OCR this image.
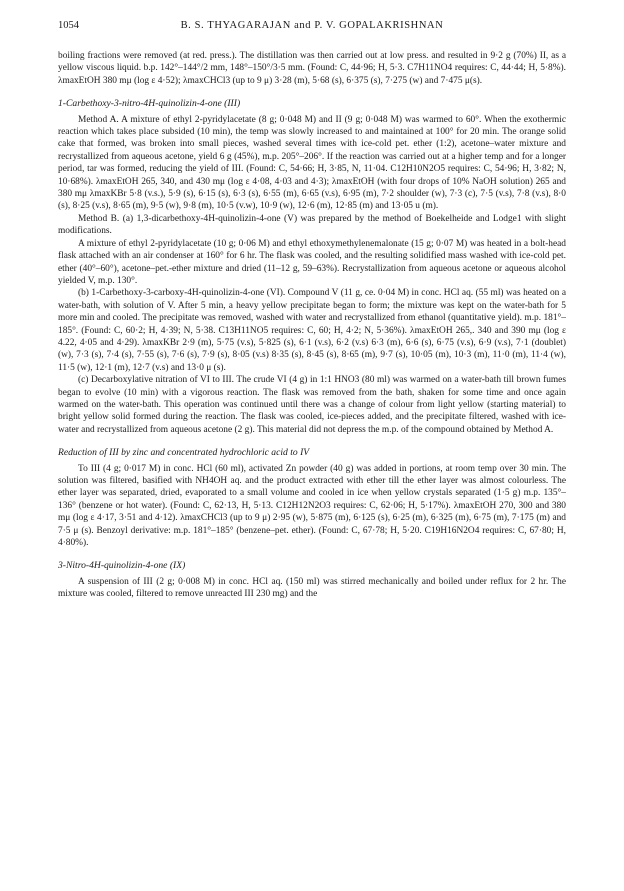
1054	B. S. THYAGARAJAN and P. V. GOPALAKRISHNAN

boiling fractions were removed (at red. press.). The distillation was then carried out at low press. and resulted in 9·2 g (70%) II, as a yellow viscous liquid. b.p. 142°–144°/2 mm, 148°–150°/3·5 mm. (Found: C, 44·96; H, 5·3. C7H11NO4 requires: C, 44·44; H, 5·8%). λmaxEtOH 380 mμ (log ε 4·52); λmaxCHCl3 (up to 9 μ) 3·28 (m), 5·68 (s), 6·375 (s), 7·275 (w) and 7·475 μ(s).

1-Carbethoxy-3-nitro-4H-quinolizin-4-one (III)

Method A. A mixture of ethyl 2-pyridylacetate (8 g; 0·048 M) and II (9 g; 0·048 M) was warmed to 60°. When the exothermic reaction which takes place subsided (10 min), the temp was slowly increased to and maintained at 100° for 20 min. The orange solid cake that formed, was broken into small pieces, washed several times with ice-cold pet. ether (1:2), acetone–water mixture and recrystallized from aqueous acetone, yield 6 g (45%), m.p. 205°–206°. If the reaction was carried out at a higher temp and for a longer period, tar was formed, reducing the yield of III. (Found: C, 54·66; H, 3·85, N, 11·04. C12H10N2O5 requires: C, 54·96; H, 3·82; N, 10·68%). λmaxEtOH 265, 340, and 430 mμ (log ε 4·08, 4·03 and 4·3); λmaxEtOH (with four drops of 10% NaOH solution) 265 and 380 mμ λmaxKBr 5·8 (v.s.), 5·9 (s), 6·15 (s), 6·3 (s), 6·55 (m), 6·65 (v.s), 6·95 (m), 7·2 shoulder (w), 7·3 (c), 7·5 (v.s), 7·8 (v.s), 8·0 (s), 8·25 (v.s), 8·65 (m), 9·5 (w), 9·8 (m), 10·5 (v.w), 10·9 (w), 12·6 (m), 12·85 (m) and 13·05 u (m).

Method B. (a) 1,3-dicarbethoxy-4H-quinolizin-4-one (V) was prepared by the method of Boekelheide and Lodge1 with slight modifications.

A mixture of ethyl 2-pyridylacetate (10 g; 0·06 M) and ethyl ethoxymethylenemalonate (15 g; 0·07 M) was heated in a bolt-head flask attached with an air condenser at 160° for 6 hr. The flask was cooled, and the resulting solidified mass washed with ice-cold pet. ether (40°–60°), acetone–pet.-ether mixture and dried (11–12 g, 59–63%). Recrystallization from aqueous acetone or aqueous alcohol yielded V, m.p. 130°.

(b) 1-Carbethoxy-3-carboxy-4H-quinolizin-4-one (VI). Compound V (11 g, ce. 0·04 M) in conc. HCl aq. (55 ml) was heated on a water-bath, with solution of V. After 5 min, a heavy yellow precipitate began to form; the mixture was kept on the water-bath for 5 more min and cooled. The precipitate was removed, washed with water and recrystallized from ethanol (quantitative yield). m.p. 181°–185°. (Found: C, 60·2; H, 4·39; N, 5·38. C13H11NO5 requires: C, 60; H, 4·2; N, 5·36%). λmaxEtOH 265,. 340 and 390 mμ (log ε 4.22, 4·05 and 4·29). λmaxKBr 2·9 (m), 5·75 (v.s), 5·825 (s), 6·1 (v.s), 6·2 (v.s) 6·3 (m), 6·6 (s), 6·75 (v.s), 6·9 (v.s), 7·1 (doublet) (w), 7·3 (s), 7·4 (s), 7·55 (s), 7·6 (s), 7·9 (s), 8·05 (v.s) 8·35 (s), 8·45 (s), 8·65 (m), 9·7 (s), 10·05 (m), 10·3 (m), 11·0 (m), 11·4 (w), 11·5 (w), 12·1 (m), 12·7 (v.s) and 13·0 μ (s).

(c) Decarboxylative nitration of VI to III. The crude VI (4 g) in 1:1 HNO3 (80 ml) was warmed on a water-bath till brown fumes began to evolve (10 min) with a vigorous reaction. The flask was removed from the bath, shaken for some time and once again warmed on the water-bath. This operation was continued until there was a change of colour from light yellow (starting material) to bright yellow solid formed during the reaction. The flask was cooled, ice-pieces added, and the precipitate filtered, washed with ice-water and recrystallized from aqueous acetone (2 g). This material did not depress the m.p. of the compound obtained by Method A.

Reduction of III by zinc and concentrated hydrochloric acid to IV

To III (4 g; 0·017 M) in conc. HCl (60 ml), activated Zn powder (40 g) was added in portions, at room temp over 30 min. The solution was filtered, basified with NH4OH aq. and the product extracted with ether till the ether layer was almost colourless. The ether layer was separated, dried, evaporated to a small volume and cooled in ice when yellow crystals separated (1·5 g) m.p. 135°–136° (benzene or hot water). (Found: C, 62·13, H, 5·13. C12H12N2O3 requires: C, 62·06; H, 5·17%). λmaxEtOH 270, 300 and 380 mμ (log ε 4·17, 3·51 and 4·12). λmaxCHCl3 (up to 9 μ) 2·95 (w), 5·875 (m), 6·125 (s), 6·25 (m), 6·325 (m), 6·75 (m), 7·175 (m) and 7·5 μ (s). Benzoyl derivative: m.p. 181°–185° (benzene–pet. ether). (Found: C, 67·78; H, 5·20. C19H16N2O4 requires: C, 67·80; H, 4·80%).

3-Nitro-4H-quinolizin-4-one (IX)

A suspension of III (2 g; 0·008 M) in conc. HCl aq. (150 ml) was stirred mechanically and boiled under reflux for 2 hr. The mixture was cooled, filtered to remove unreacted III 230 mg) and the
